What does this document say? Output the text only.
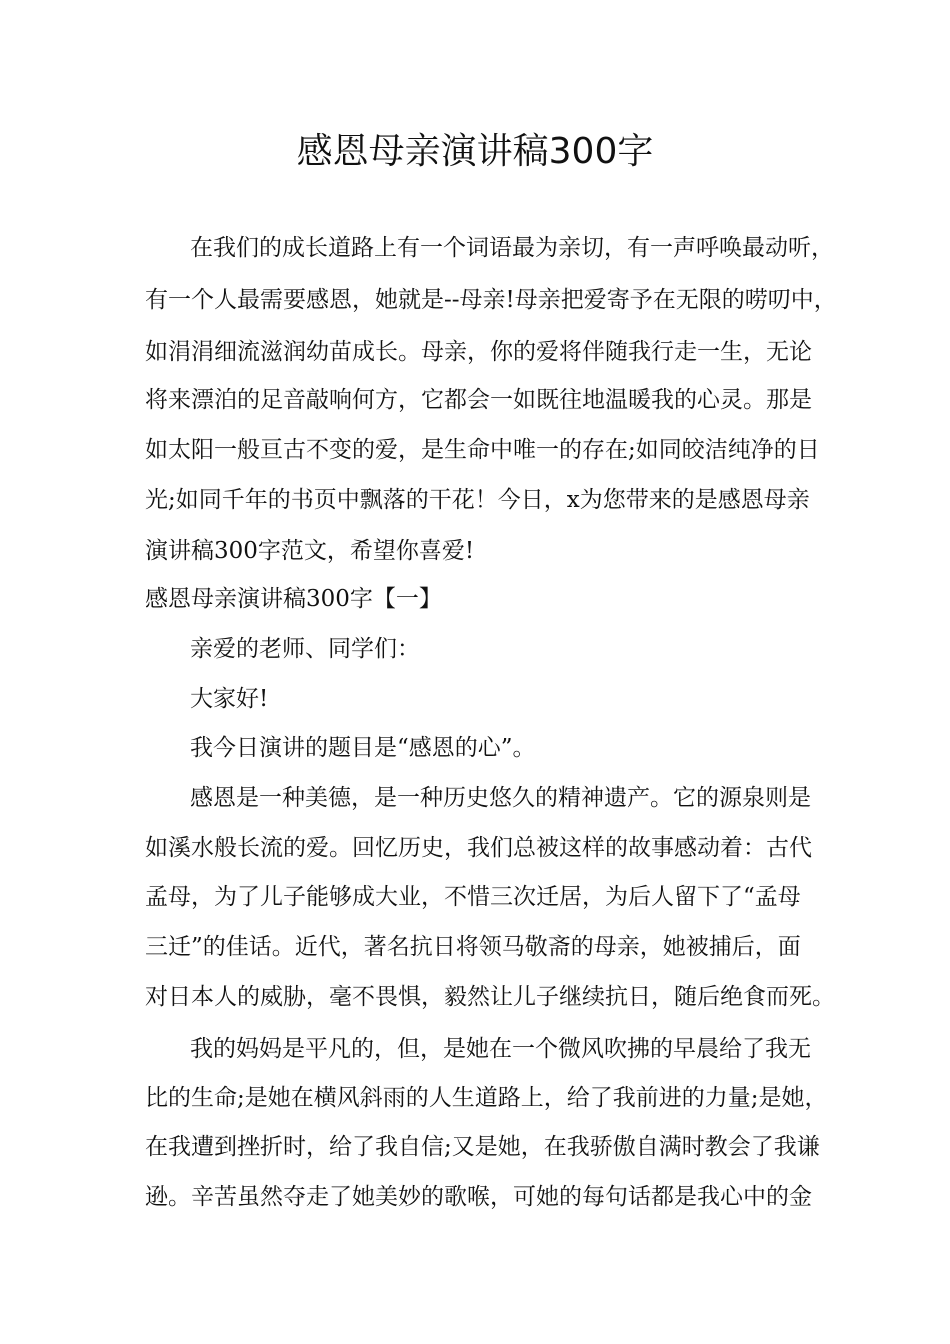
感恩母亲演讲稿300字
在我们的成长道路上有一个词语最为亲切，有一声呼唤最动听，
有一个人最需要感恩，她就是--母亲!母亲把爱寄予在无限的唠叨中，
如涓涓细流滋润幼苗成长。母亲，你的爱将伴随我行走一生，无论
将来漂泊的足音敲响何方，它都会一如既往地温暖我的心灵。那是
如太阳一般亘古不变的爱，是生命中唯一的存在;如同皎洁纯净的日
光;如同千年的书页中飘落的干花！今日，x为您带来的是感恩母亲
演讲稿300字范文，希望你喜爱!
感恩母亲演讲稿300字【一】
亲爱的老师、同学们：
大家好!
我今日演讲的题目是“感恩的心”。
感恩是一种美德，是一种历史悠久的精神遗产。它的源泉则是
如溪水般长流的爱。回忆历史，我们总被这样的故事感动着：古代
孟母，为了儿子能够成大业，不惜三次迁居，为后人留下了“孟母
三迁”的佳话。近代，著名抗日将领马敬斋的母亲，她被捕后，面
对日本人的威胁，毫不畏惧，毅然让儿子继续抗日，随后绝食而死。
我的妈妈是平凡的，但，是她在一个微风吹拂的早晨给了我无
比的生命;是她在横风斜雨的人生道路上，给了我前进的力量;是她，
在我遭到挫折时，给了我自信;又是她，在我骄傲自满时教会了我谦
逊。辛苦虽然夺走了她美妙的歌喉，可她的每句话都是我心中的金
